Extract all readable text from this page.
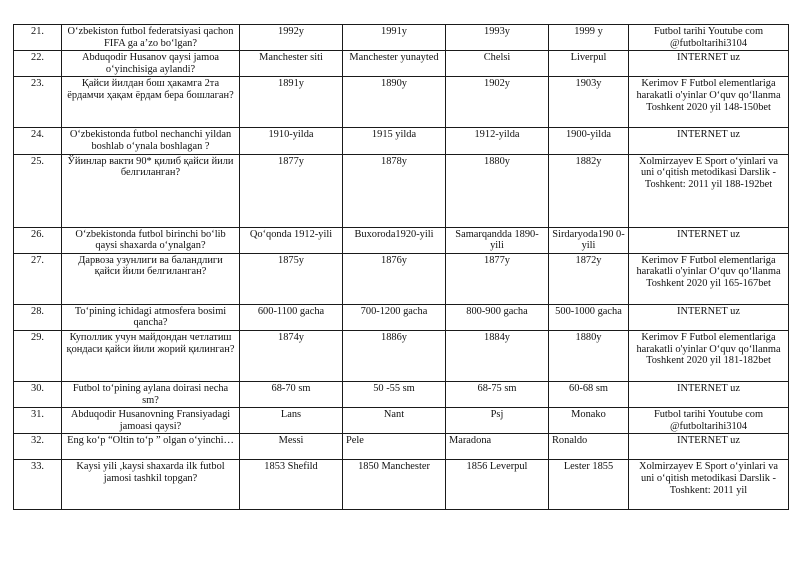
21.	O‘zbekiston futbol federatsiyasi qachon FIFA ga a’zo bo‘lgan?	1992y	1991y	1993y	1999 y	Futbol tarihi Youtube com @futboltarihi3104
22.	Abduqodir Husanov qaysi jamoa o‘yinchisiga aylandi?	Manchester siti	Manchester yunayted	Chelsi	Liverpul	INTERNET uz
23.	Қайси йилдан бош ҳакамга 2та ёрдамчи ҳақам ёрдам бера бошлаган?	1891y	1890y	1902y	1903y	Kerimov F Futbol elementlariga harakatli o'yinlar O‘quv qo‘llanma Toshkent 2020 yil 148-150bet
24.	O‘zbekistonda futbol nechanchi yildan boshlab o‘ynala boshlagan ?	1910-yilda	1915 yilda	1912-yilda	1900-yilda	INTERNET uz
25.	Ўйинлар вакти 90* қилиб қайси йили белгиланган?	1877y	1878y	1880y	1882y	Xolmirzayev E Sport o‘yinlari va uni o‘qitish metodikasi Darslik - Toshkent: 2011 yil 188-192bet
26.	O‘zbekistonda futbol birinchi bo‘lib qaysi shaxarda o‘ynalgan?	Qo‘qonda 1912-yili	Buxoroda1920-yili	Samarqandda 1890-yili	Sirdaryoda190 0-yili	INTERNET uz
27.	Дарвоза узунлиги ва баландлиги қайси йили белгиланган?	1875y	1876y	1877y	1872y	Kerimov F Futbol elementlariga harakatli o'yinlar O‘quv qo‘llanma Toshkent 2020 yil 165-167bet
28.	To‘pining ichidagi atmosfera bosimi qancha?	600-1100 gacha	700-1200 gacha	800-900 gacha	500-1000 gacha	INTERNET uz
29.	Куполлик учун майдондан четлатиш қондаси қайси йили жорий қилинган?	1874y	1886y	1884y	1880y	Kerimov F Futbol elementlariga harakatli o'yinlar O‘quv qo‘llanma Toshkent 2020 yil 181-182bet
30.	Futbol to‘pining aylana doirasi necha sm?	68-70 sm	50 -55 sm	68-75 sm	60-68 sm	INTERNET uz
31.	Abduqodir Husanovning Fransiyadagi jamoasi qaysi?	Lans	Nant	Psj	Monako	Futbol tarihi Youtube com @futboltarihi3104
32.	Eng ko‘p “Oltin to‘p ” olgan o‘yinchi…	Messi	Pele	Maradona	Ronaldo	INTERNET uz
33.	Kaysi yili ,kaysi shaxarda ilk futbol jamosi tashkil topgan?	1853 Shefild	1850 Manchester	1856 Leverpul	Lester 1855	Xolmirzayev E Sport o‘yinlari va uni o‘qitish metodikasi Darslik - Toshkent: 2011 yil
